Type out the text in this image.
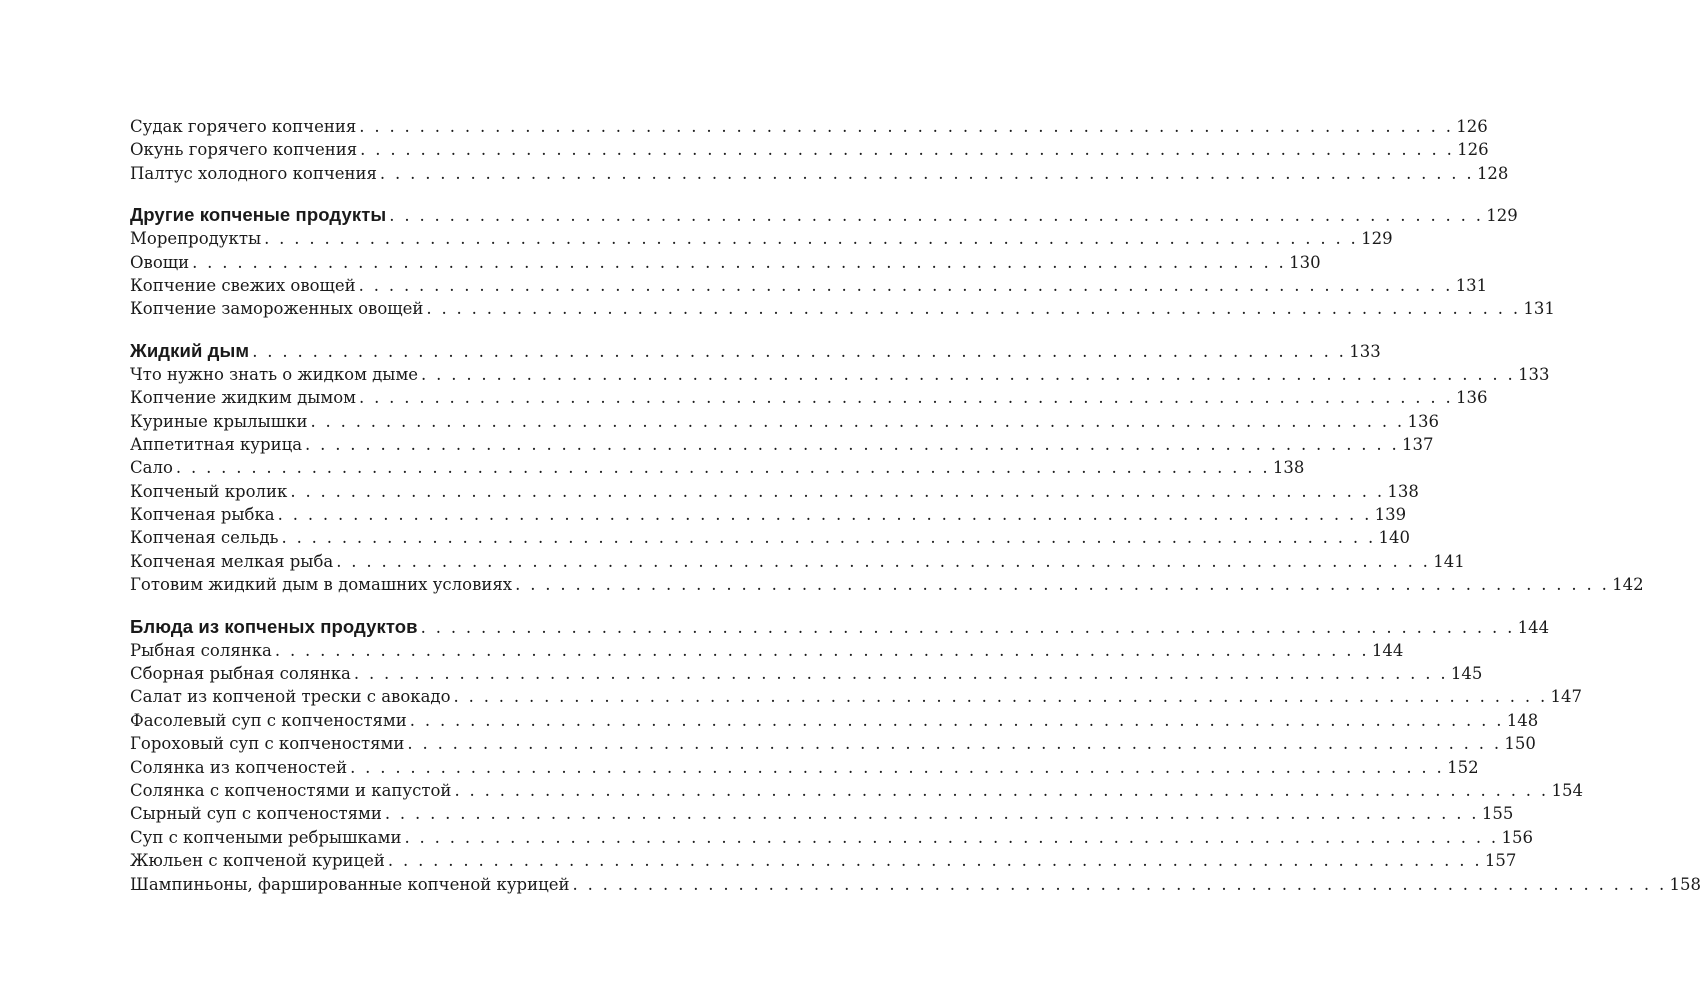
Судак горячего копчения . . . . . . . . . . . . . . . . . . . . . . . . . . . . . . . . . . . . . . . . . . . . . . . . . . . . . . . . . . . . . . . . . . . . . . . . . 126
Окунь горячего копчения . . . . . . . . . . . . . . . . . . . . . . . . . . . . . . . . . . . . . . . . . . . . . . . . . . . . . . . . . . . . . . . . . . . . . . . . . 126
Палтус холодного копчения . . . . . . . . . . . . . . . . . . . . . . . . . . . . . . . . . . . . . . . . . . . . . . . . . . . . . . . . . . . . . . . . . . . . . . . . . 128
Другие копченые продукты . . . . . . . . . . . . . . . . . . . . . . . . . . . . . . . . . . . . . . . . . . . . . . . . . . . . . . . . . . . . . . . . . . . . . . . . . 129
Морепродукты . . . . . . . . . . . . . . . . . . . . . . . . . . . . . . . . . . . . . . . . . . . . . . . . . . . . . . . . . . . . . . . . . . . . . . . . . 129
Овощи . . . . . . . . . . . . . . . . . . . . . . . . . . . . . . . . . . . . . . . . . . . . . . . . . . . . . . . . . . . . . . . . . . . . . . . . . 130
Копчение свежих овощей . . . . . . . . . . . . . . . . . . . . . . . . . . . . . . . . . . . . . . . . . . . . . . . . . . . . . . . . . . . . . . . . . . . . . . . . . 131
Копчение замороженных овощей . . . . . . . . . . . . . . . . . . . . . . . . . . . . . . . . . . . . . . . . . . . . . . . . . . . . . . . . . . . . . . . . . . . . . . . . . 131
Жидкий дым . . . . . . . . . . . . . . . . . . . . . . . . . . . . . . . . . . . . . . . . . . . . . . . . . . . . . . . . . . . . . . . . . . . . . . . . . 133
Что нужно знать о жидком дыме . . . . . . . . . . . . . . . . . . . . . . . . . . . . . . . . . . . . . . . . . . . . . . . . . . . . . . . . . . . . . . . . . . . . . . . . . 133
Копчение жидким дымом . . . . . . . . . . . . . . . . . . . . . . . . . . . . . . . . . . . . . . . . . . . . . . . . . . . . . . . . . . . . . . . . . . . . . . . . . 136
Куриные крылышки . . . . . . . . . . . . . . . . . . . . . . . . . . . . . . . . . . . . . . . . . . . . . . . . . . . . . . . . . . . . . . . . . . . . . . . . . 136
Аппетитная курица . . . . . . . . . . . . . . . . . . . . . . . . . . . . . . . . . . . . . . . . . . . . . . . . . . . . . . . . . . . . . . . . . . . . . . . . . 137
Сало . . . . . . . . . . . . . . . . . . . . . . . . . . . . . . . . . . . . . . . . . . . . . . . . . . . . . . . . . . . . . . . . . . . . . . . . . 138
Копченый кролик . . . . . . . . . . . . . . . . . . . . . . . . . . . . . . . . . . . . . . . . . . . . . . . . . . . . . . . . . . . . . . . . . . . . . . . . . 138
Копченая рыбка . . . . . . . . . . . . . . . . . . . . . . . . . . . . . . . . . . . . . . . . . . . . . . . . . . . . . . . . . . . . . . . . . . . . . . . . . 139
Копченая сельдь . . . . . . . . . . . . . . . . . . . . . . . . . . . . . . . . . . . . . . . . . . . . . . . . . . . . . . . . . . . . . . . . . . . . . . . . . 140
Копченая мелкая рыба . . . . . . . . . . . . . . . . . . . . . . . . . . . . . . . . . . . . . . . . . . . . . . . . . . . . . . . . . . . . . . . . . . . . . . . . . 141
Готовим жидкий дым в домашних условиях . . . . . . . . . . . . . . . . . . . . . . . . . . . . . . . . . . . . . . . . . . . . . . . . . . . . . . . . . . . . . . . . . . . . . . . . . 142
Блюда из копченых продуктов . . . . . . . . . . . . . . . . . . . . . . . . . . . . . . . . . . . . . . . . . . . . . . . . . . . . . . . . . . . . . . . . . . . . . . . . . 144
Рыбная солянка . . . . . . . . . . . . . . . . . . . . . . . . . . . . . . . . . . . . . . . . . . . . . . . . . . . . . . . . . . . . . . . . . . . . . . . . . 144
Сборная рыбная солянка . . . . . . . . . . . . . . . . . . . . . . . . . . . . . . . . . . . . . . . . . . . . . . . . . . . . . . . . . . . . . . . . . . . . . . . . . 145
Салат из копченой трески с авокадо . . . . . . . . . . . . . . . . . . . . . . . . . . . . . . . . . . . . . . . . . . . . . . . . . . . . . . . . . . . . . . . . . . . . . . . . . 147
Фасолевый суп с копченостями . . . . . . . . . . . . . . . . . . . . . . . . . . . . . . . . . . . . . . . . . . . . . . . . . . . . . . . . . . . . . . . . . . . . . . . . . 148
Гороховый суп с копченостями . . . . . . . . . . . . . . . . . . . . . . . . . . . . . . . . . . . . . . . . . . . . . . . . . . . . . . . . . . . . . . . . . . . . . . . . . 150
Солянка из копченостей . . . . . . . . . . . . . . . . . . . . . . . . . . . . . . . . . . . . . . . . . . . . . . . . . . . . . . . . . . . . . . . . . . . . . . . . . 152
Солянка с копченостями и капустой . . . . . . . . . . . . . . . . . . . . . . . . . . . . . . . . . . . . . . . . . . . . . . . . . . . . . . . . . . . . . . . . . . . . . . . . . 154
Сырный суп с копченостями . . . . . . . . . . . . . . . . . . . . . . . . . . . . . . . . . . . . . . . . . . . . . . . . . . . . . . . . . . . . . . . . . . . . . . . . . 155
Суп с копчеными ребрышками . . . . . . . . . . . . . . . . . . . . . . . . . . . . . . . . . . . . . . . . . . . . . . . . . . . . . . . . . . . . . . . . . . . . . . . . . 156
Жюльен с копченой курицей . . . . . . . . . . . . . . . . . . . . . . . . . . . . . . . . . . . . . . . . . . . . . . . . . . . . . . . . . . . . . . . . . . . . . . . . . 157
Шампиньоны, фаршированные копченой курицей . . . . . . . . . . . . . . . . . . . . . . . . . . . . . . . . . . . . . . . . . . . . . . . . . . . . . . . . . . . . . . . . . . . . . . . . . 158
